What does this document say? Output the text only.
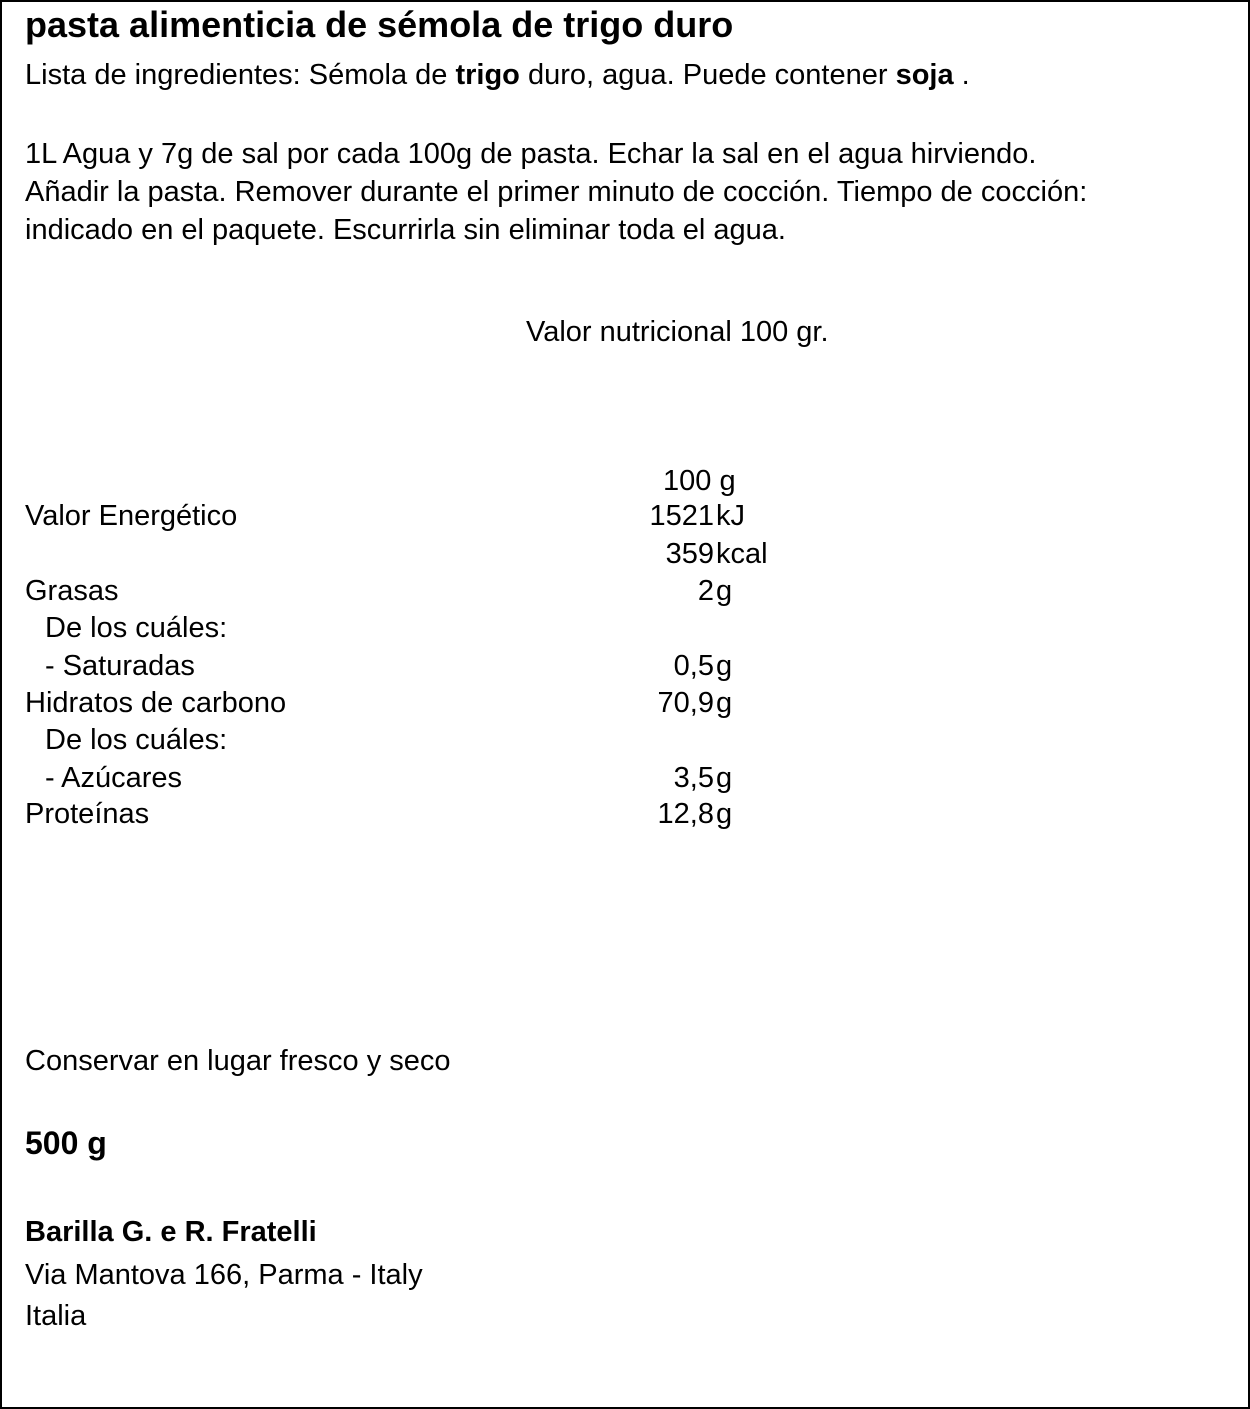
pasta alimenticia de sémola de trigo duro
Lista de ingredientes: Sémola de trigo duro, agua. Puede contener soja .
1L Agua y 7g de sal por cada 100g de pasta. Echar la sal en el agua hirviendo.
Añadir la pasta. Remover durante el primer minuto de cocción. Tiempo de cocción:
indicado en el paquete. Escurrirla sin eliminar toda el agua.
Valor nutricional 100 gr.
100 g
Valor Energético	1521 kJ
359 kcal
Grasas	2 g
De los cuáles:
- Saturadas	0,5 g
Hidratos de carbono	70,9 g
De los cuáles:
- Azúcares	3,5 g
Proteínas	12,8 g
Conservar en lugar fresco y seco
500 g
Barilla G. e R. Fratelli
Via Mantova 166, Parma - Italy
Italia
